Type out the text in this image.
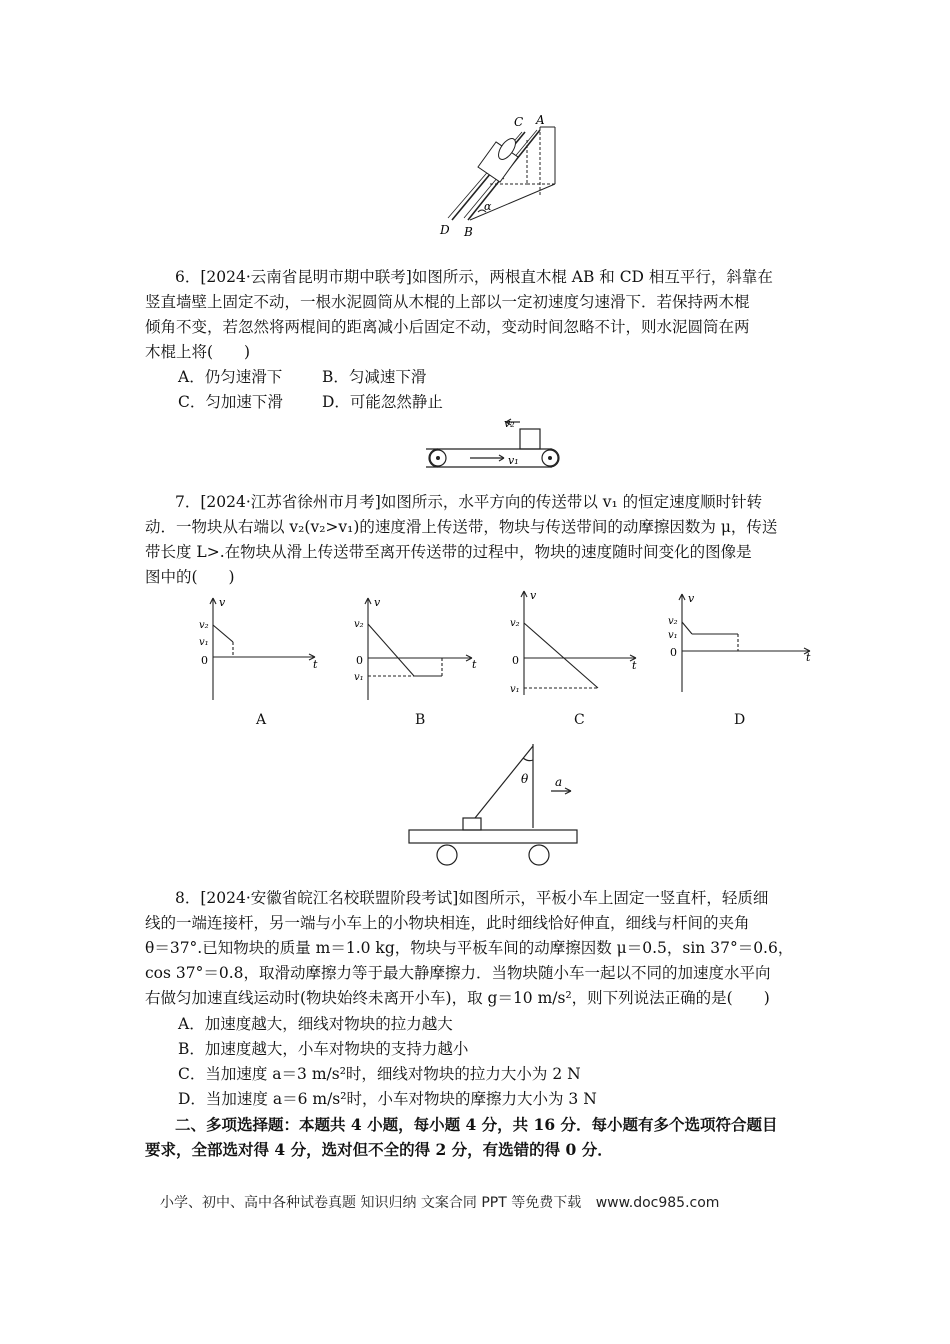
C A
D B
α
6．[2024·云南省昆明市期中联考]如图所示，两根直木棍 AB 和 CD 相互平行，斜靠在
竖直墙壁上固定不动，一根水泥圆筒从木棍的上部以一定初速度匀速滑下．若保持两木棍
倾角不变，若忽然将两棍间的距离减小后固定不动，变动时间忽略不计，则水泥圆筒在两
木棍上将(　　)
A．仍匀速滑下	B．匀减速下滑
C．匀加速下滑	D．可能忽然静止
v₂
v₁
7．[2024·江苏省徐州市月考]如图所示，水平方向的传送带以 v₁ 的恒定速度顺时针转
动．一物块从右端以 v₂(v₂>v₁)的速度滑上传送带，物块与传送带间的动摩擦因数为 μ，传送
带长度 L>.在物块从滑上传送带至离开传送带的过程中，物块的速度随时间变化的图像是
图中的(　　)
v
t
v₂
v₁
0
A
v
t
v₂
0
v₁
B
v
t
v₂
0
v₁
C
v
t
v₂
v₁
0
D
θ a
8．[2024·安徽省皖江名校联盟阶段考试]如图所示，平板小车上固定一竖直杆，轻质细
线的一端连接杆，另一端与小车上的小物块相连，此时细线恰好伸直，细线与杆间的夹角
θ＝37°.已知物块的质量 m＝1.0 kg，物块与平板车间的动摩擦因数 μ＝0.5，sin 37°＝0.6，
cos 37°＝0.8，取滑动摩擦力等于最大静摩擦力．当物块随小车一起以不同的加速度水平向
右做匀加速直线运动时(物块始终未离开小车)，取 g＝10 m/s²，则下列说法正确的是(　　)
A．加速度越大，细线对物块的拉力越大
B．加速度越大，小车对物块的支持力越小
C．当加速度 a＝3 m/s²时，细线对物块的拉力大小为 2 N
D．当加速度 a＝6 m/s²时，小车对物块的摩擦力大小为 3 N
二、多项选择题：本题共 4 小题，每小题 4 分，共 16 分．每小题有多个选项符合题目
要求，全部选对得 4 分，选对但不全的得 2 分，有选错的得 0 分．
小学、初中、高中各种试卷真题 知识归纳 文案合同 PPT 等免费下载 www.doc985.com
